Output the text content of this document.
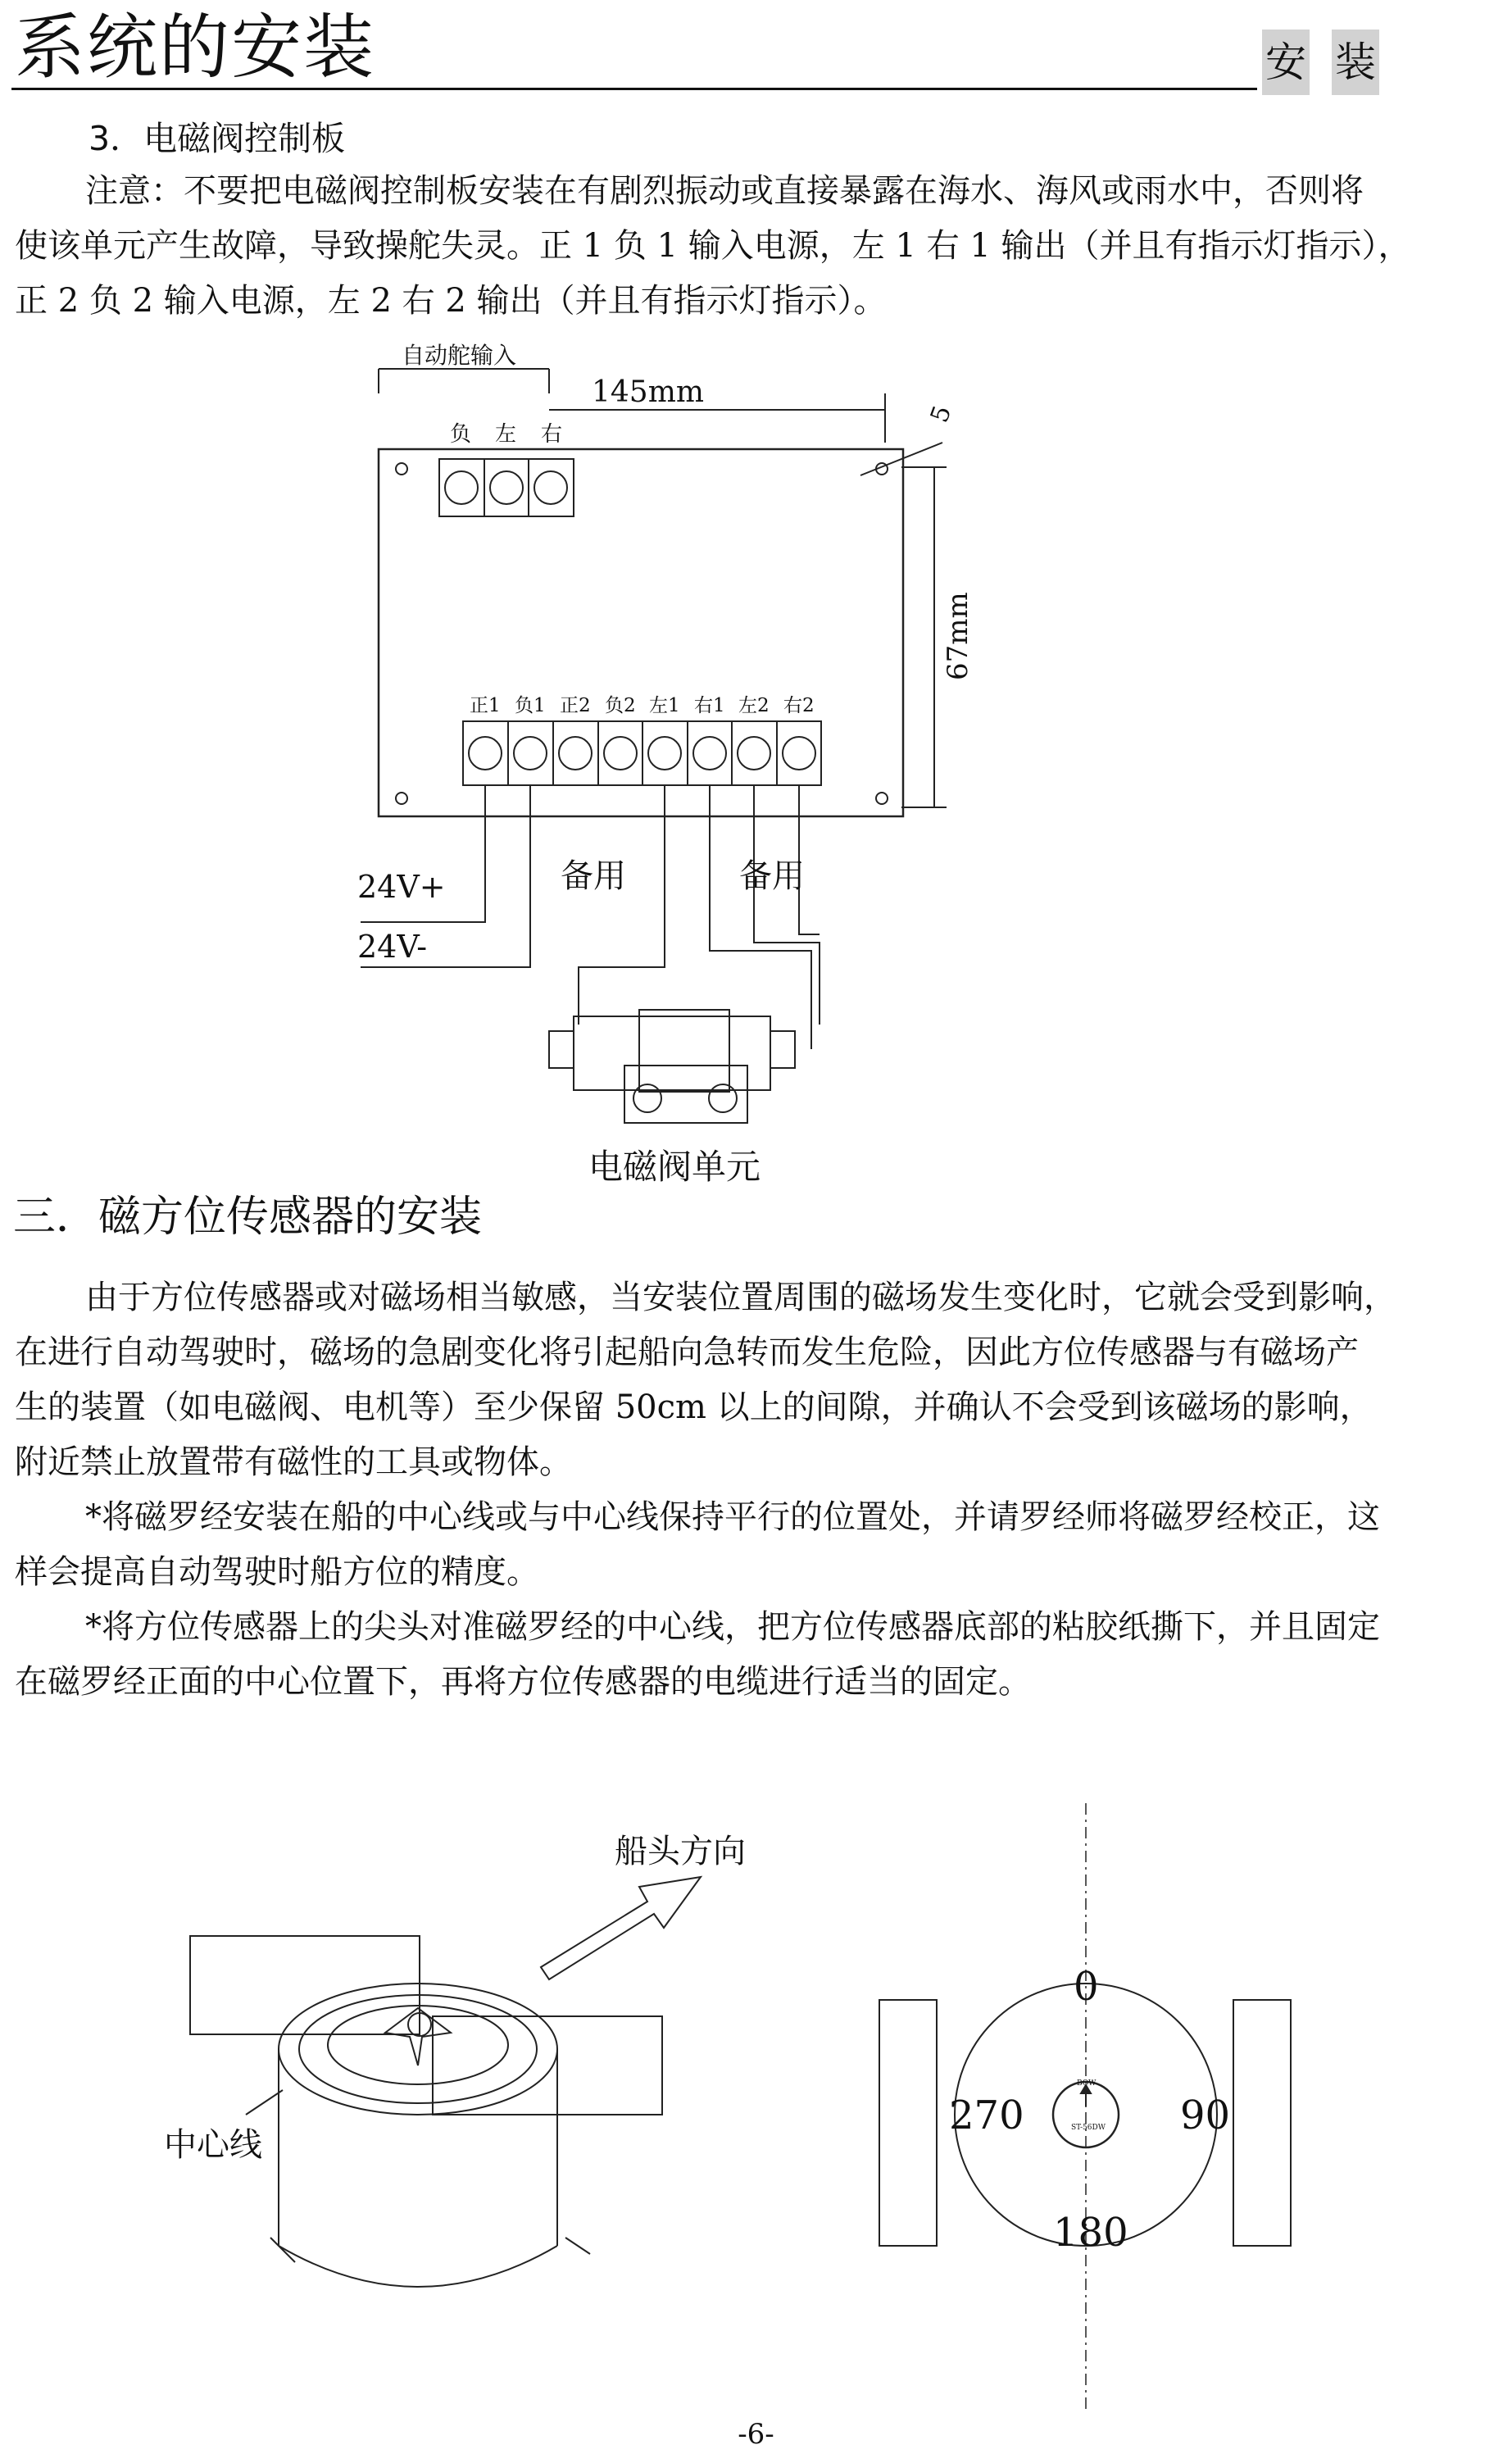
系统的安装	安 装
3．电磁阀控制板

注意：不要把电磁阀控制板安装在有剧烈振动或直接暴露在海水、海风或雨水中，否则将

使该单元产生故障，导致操舵失灵。正 1 负 1 输入电源，左 1 右 1 输出（并且有指示灯指示），

正 2 负 2 输入电源，左 2 右 2 输出（并且有指示灯指示）。

自动舵输入
145mm
5
67mm
负 左 右
正1 负1 正2 负2 左1 右1 左2 右2
24V+
24V-
备用	备用
电磁阀单元
三．磁方位传感器的安装

由于方位传感器或对磁场相当敏感，当安装位置周围的磁场发生变化时，它就会受到影响，

在进行自动驾驶时，磁场的急剧变化将引起船向急转而发生危险，因此方位传感器与有磁场产

生的装置（如电磁阀、电机等）至少保留 50cm 以上的间隙，并确认不会受到该磁场的影响，

附近禁止放置带有磁性的工具或物体。

*将磁罗经安装在船的中心线或与中心线保持平行的位置处，并请罗经师将磁罗经校正，这

样会提高自动驾驶时船方位的精度。

*将方位传感器上的尖头对准磁罗经的中心线，把方位传感器底部的粘胶纸撕下，并且固定

在磁罗经正面的中心位置下，再将方位传感器的电缆进行适当的固定。

船头方向
中心线
0
90
180
270
BOW
ST-56DW
-6-
